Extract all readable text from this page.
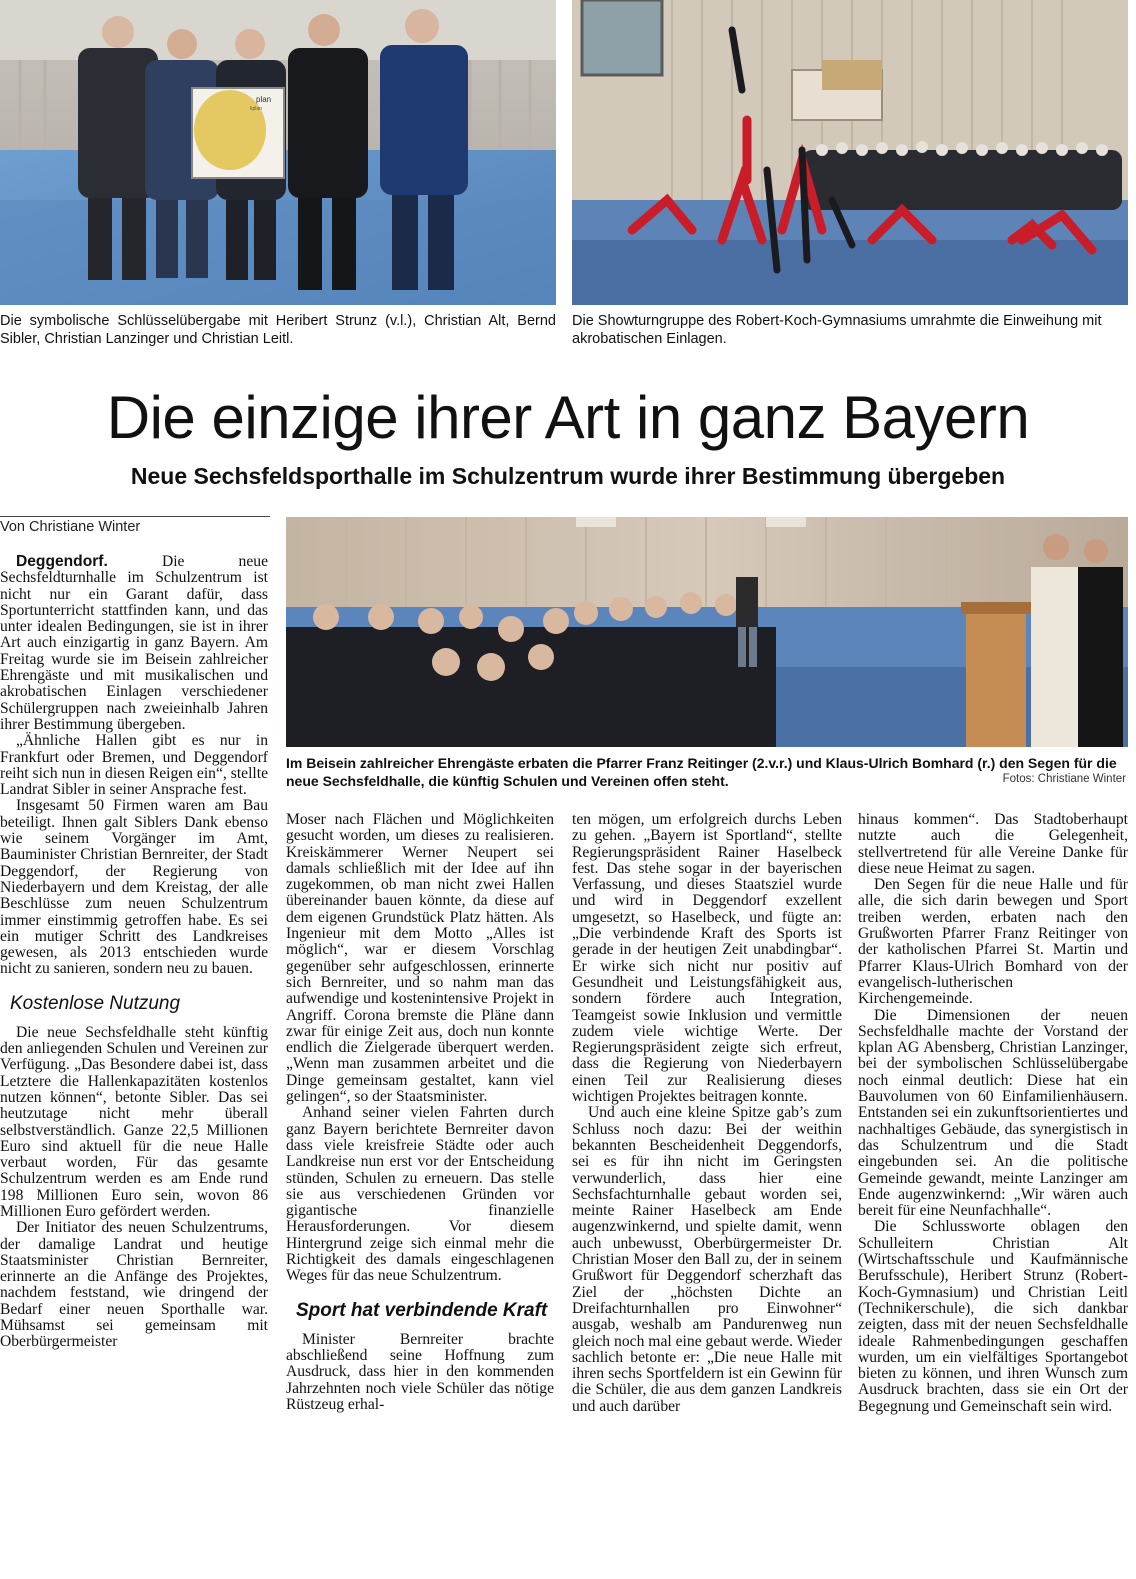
plan
kplan
Die symbolische Schlüsselübergabe mit Heribert Strunz (v.l.), Christian Alt, Bernd Sibler, Christian Lanzinger und Christian Leitl.
Die Showturngruppe des Robert-Koch-Gymnasiums umrahmte die Einweihung mit akrobatischen Einlagen.
Die einzige ihrer Art in ganz Bayern
Neue Sechsfeldsporthalle im Schulzentrum wurde ihrer Bestimmung übergeben
Von Christiane Winter
Im Beisein zahlreicher Ehrengäste erbaten die Pfarrer Franz Reitinger (2.v.r.) und Klaus-Ulrich Bomhard (r.) den Segen für die neue Sechsfeldhalle, die künftig Schulen und Vereinen offen steht.	Fotos: Christiane Winter

Deggendorf.	Die neue Sechsfeldturnhalle im Schulzentrum ist nicht nur ein Garant dafür, dass Sportunterricht stattfinden kann, und das unter idealen Bedingungen, sie ist in ihrer Art auch einzigartig in ganz Bayern. Am Freitag wurde sie im Beisein zahlreicher Ehrengäste und mit musikalischen und akrobatischen Einlagen verschiedener Schülergruppen nach zweieinhalb Jahren ihrer Bestimmung übergeben.

„Ähnliche Hallen gibt es nur in Frankfurt oder Bremen, und Deggendorf reiht sich nun in diesen Reigen ein“, stellte Landrat Sibler in seiner Ansprache fest.

Insgesamt 50 Firmen waren am Bau beteiligt. Ihnen galt Siblers Dank ebenso wie seinem Vorgänger im Amt, Bauminister Christian Bernreiter, der Stadt Deggendorf, der Regierung von Niederbayern und dem Kreistag, der alle Beschlüsse zum neuen Schulzentrum immer einstimmig getroffen habe. Es sei ein mutiger Schritt des Landkreises gewesen, als 2013 entschieden wurde nicht zu sanieren, sondern neu zu bauen.

Kostenlose Nutzung

Die neue Sechsfeldhalle steht künftig den anliegenden Schulen und Vereinen zur Verfügung. „Das Besondere dabei ist, dass Letztere die Hallenkapazitäten kostenlos nutzen können“, betonte Sibler. Das sei heutzutage nicht mehr überall selbstverständlich. Ganze 22,5 Millionen Euro sind aktuell für die neue Halle verbaut worden, Für das gesamte Schulzentrum werden es am Ende rund 198 Millionen Euro sein, wovon 86 Millionen Euro gefördert werden.

Der Initiator des neuen Schulzentrums, der damalige Landrat und heutige Staatsminister Christian Bernreiter, erinnerte an die Anfänge des Projektes, nachdem feststand, wie dringend der Bedarf einer neuen Sporthalle war. Mühsamst sei gemeinsam mit Oberbürgermeister

Moser nach Flächen und Möglichkeiten gesucht worden, um dieses zu realisieren. Kreiskämmerer Werner Neupert sei damals schließlich mit der Idee auf ihn zugekommen, ob man nicht zwei Hallen übereinander bauen könnte, da diese auf dem eigenen Grundstück Platz hätten. Als Ingenieur mit dem Motto „Alles ist möglich“, war er diesem Vorschlag gegenüber sehr aufgeschlossen, erinnerte sich Bernreiter, und so nahm man das aufwendige und kostenintensive Projekt in Angriff. Corona bremste die Pläne dann zwar für einige Zeit aus, doch nun konnte endlich die Zielgerade überquert werden. „Wenn man zusammen arbeitet und die Dinge gemeinsam gestaltet, kann viel gelingen“, so der Staatsminister.

Anhand seiner vielen Fahrten durch ganz Bayern berichtete Bernreiter davon dass viele kreisfreie Städte oder auch Landkreise nun erst vor der Entscheidung stünden, Schulen zu erneuern. Das stelle sie aus verschiedenen Gründen vor gigantische finanzielle Herausforderungen. Vor diesem Hintergrund zeige sich einmal mehr die Richtigkeit des damals eingeschlagenen Weges für das neue Schulzentrum.

Sport hat verbindende Kraft

Minister Bernreiter brachte abschließend seine Hoffnung zum Ausdruck, dass hier in den kommenden Jahrzehnten noch viele Schüler das nötige Rüstzeug erhal-

ten mögen, um erfolgreich durchs Leben zu gehen. „Bayern ist Sportland“, stellte Regierungspräsident Rainer Haselbeck fest. Das stehe sogar in der bayerischen Verfassung, und dieses Staatsziel wurde und wird in Deggendorf exzellent umgesetzt, so Haselbeck, und fügte an: „Die verbindende Kraft des Sports ist gerade in der heutigen Zeit unabdingbar“. Er wirke sich nicht nur positiv auf Gesundheit und Leistungsfähigkeit aus, sondern fördere auch Integration, Teamgeist sowie Inklusion und vermittle zudem viele wichtige Werte. Der Regierungspräsident zeigte sich erfreut, dass die Regierung von Niederbayern einen Teil zur Realisierung dieses wichtigen Projektes beitragen konnte.

Und auch eine kleine Spitze gab’s zum Schluss noch dazu: Bei der weithin bekannten Bescheidenheit Deggendorfs, sei es für ihn nicht im Geringsten verwunderlich, dass hier eine Sechsfachturnhalle gebaut worden sei, meinte Rainer Haselbeck am Ende augenzwinkernd, und spielte damit, wenn auch unbewusst, Oberbürgermeister Dr. Christian Moser den Ball zu, der in seinem Grußwort für Deggendorf scherzhaft das Ziel der „höchsten Dichte an Dreifachturnhallen pro Einwohner“ ausgab, weshalb am Pandurenweg nun gleich noch mal eine gebaut werde. Wieder sachlich betonte er: „Die neue Halle mit ihren sechs Sportfeldern ist ein Gewinn für die Schüler, die aus dem ganzen Landkreis und auch darüber

hinaus kommen“. Das Stadtoberhaupt nutzte auch die Gelegenheit, stellvertretend für alle Vereine Danke für diese neue Heimat zu sagen.

Den Segen für die neue Halle und für alle, die sich darin bewegen und Sport treiben werden, erbaten nach den Grußworten Pfarrer Franz Reitinger von der katholischen Pfarrei St. Martin und Pfarrer Klaus-Ulrich Bomhard von der evangelisch-lutherischen Kirchengemeinde.

Die Dimensionen der neuen Sechsfeldhalle machte der Vorstand der kplan AG Abensberg, Christian Lanzinger, bei der symbolischen Schlüsselübergabe noch einmal deutlich: Diese hat ein Bauvolumen von 60 Einfamilienhäusern. Entstanden sei ein zukunftsorientiertes und nachhaltiges Gebäude, das synergistisch in das Schulzentrum und die Stadt eingebunden sei. An die politische Gemeinde gewandt, meinte Lanzinger am Ende augenzwinkernd: „Wir wären auch bereit für eine Neunfachhalle“.

Die Schlussworte oblagen den Schulleitern Christian Alt (Wirtschaftsschule und Kaufmännische Berufsschule), Heribert Strunz (Robert-Koch-Gymnasium) und Christian Leitl (Technikerschule), die sich dankbar zeigten, dass mit der neuen Sechsfeldhalle ideale Rahmenbedingungen geschaffen wurden, um ein vielfältiges Sportangebot bieten zu können, und ihren Wunsch zum Ausdruck brachten, dass sie ein Ort der Begegnung und Gemeinschaft sein wird.
